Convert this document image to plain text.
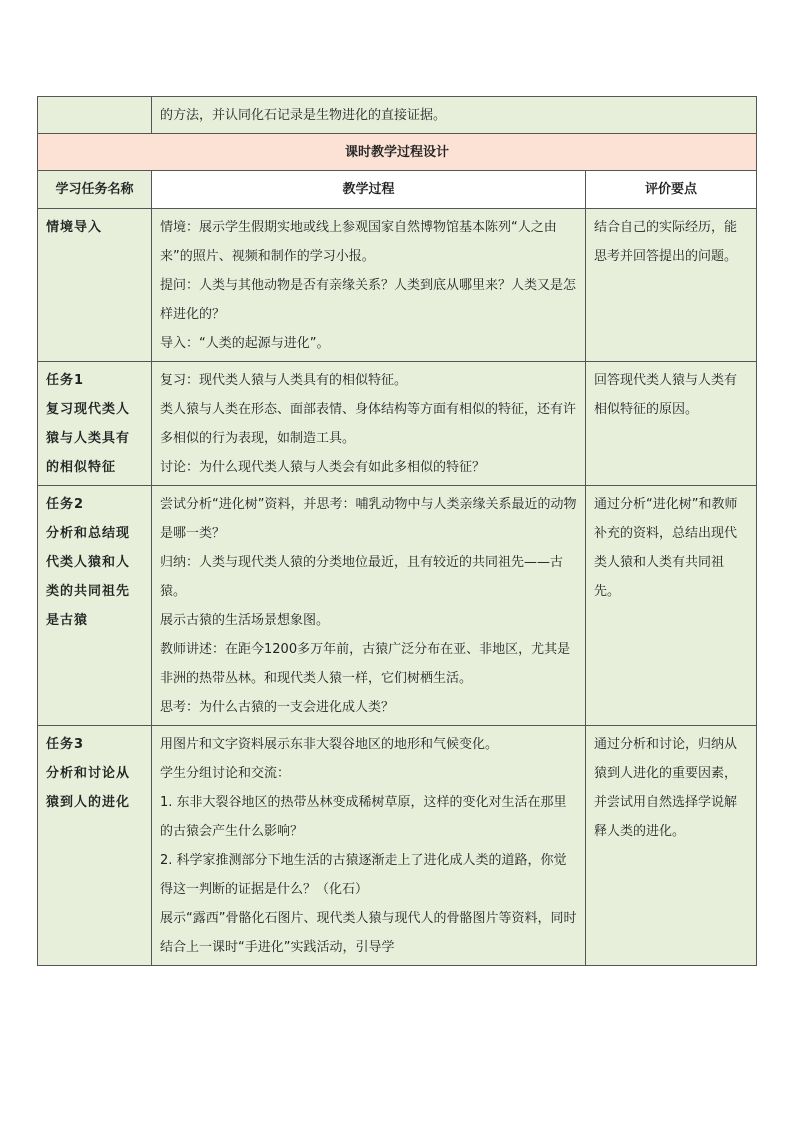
	的方法，并认同化石记录是生物进化的直接证据。	
课时教学过程设计		
学习任务名称	教学过程	评价要点

情境导入	情境：展示学生假期实地或线上参观国家自然博物馆基本陈列“人之由来”的照片、视频和制作的学习小报。
提问：人类与其他动物是否有亲缘关系？人类到底从哪里来？人类又是怎样进化的？
导入：“人类的起源与进化”。	结合自己的实际经历，能思考并回答提出的问题。

任务1
复习现代类人猿与人类具有的相似特征	复习：现代类人猿与人类具有的相似特征。
类人猿与人类在形态、面部表情、身体结构等方面有相似的特征，还有许多相似的行为表现，如制造工具。
讨论：为什么现代类人猿与人类会有如此多相似的特征？	回答现代类人猿与人类有相似特征的原因。

任务2
分析和总结现代类人猿和人类的共同祖先是古猿	尝试分析“进化树”资料，并思考：哺乳动物中与人类亲缘关系最近的动物是哪一类？
归纳：人类与现代类人猿的分类地位最近，且有较近的共同祖先——古猿。
展示古猿的生活场景想象图。
教师讲述：在距今1200多万年前，古猿广泛分布在亚、非地区，尤其是非洲的热带丛林。和现代类人猿一样，它们树栖生活。
思考：为什么古猿的一支会进化成人类？	通过分析“进化树”和教师补充的资料，总结出现代类人猿和人类有共同祖先。

任务3
分析和讨论从猿到人的进化	用图片和文字资料展示东非大裂谷地区的地形和气候变化。
学生分组讨论和交流：
1. 东非大裂谷地区的热带丛林变成稀树草原，这样的变化对生活在那里的古猿会产生什么影响？
2. 科学家推测部分下地生活的古猿逐渐走上了进化成人类的道路，你觉得这一判断的证据是什么？（化石）
展示“露西”骨骼化石图片、现代类人猿与现代人的骨骼图片等资料，同时结合上一课时“手进化”实践活动，引导学	通过分析和讨论，归纳从猿到人进化的重要因素，并尝试用自然选择学说解释人类的进化。
